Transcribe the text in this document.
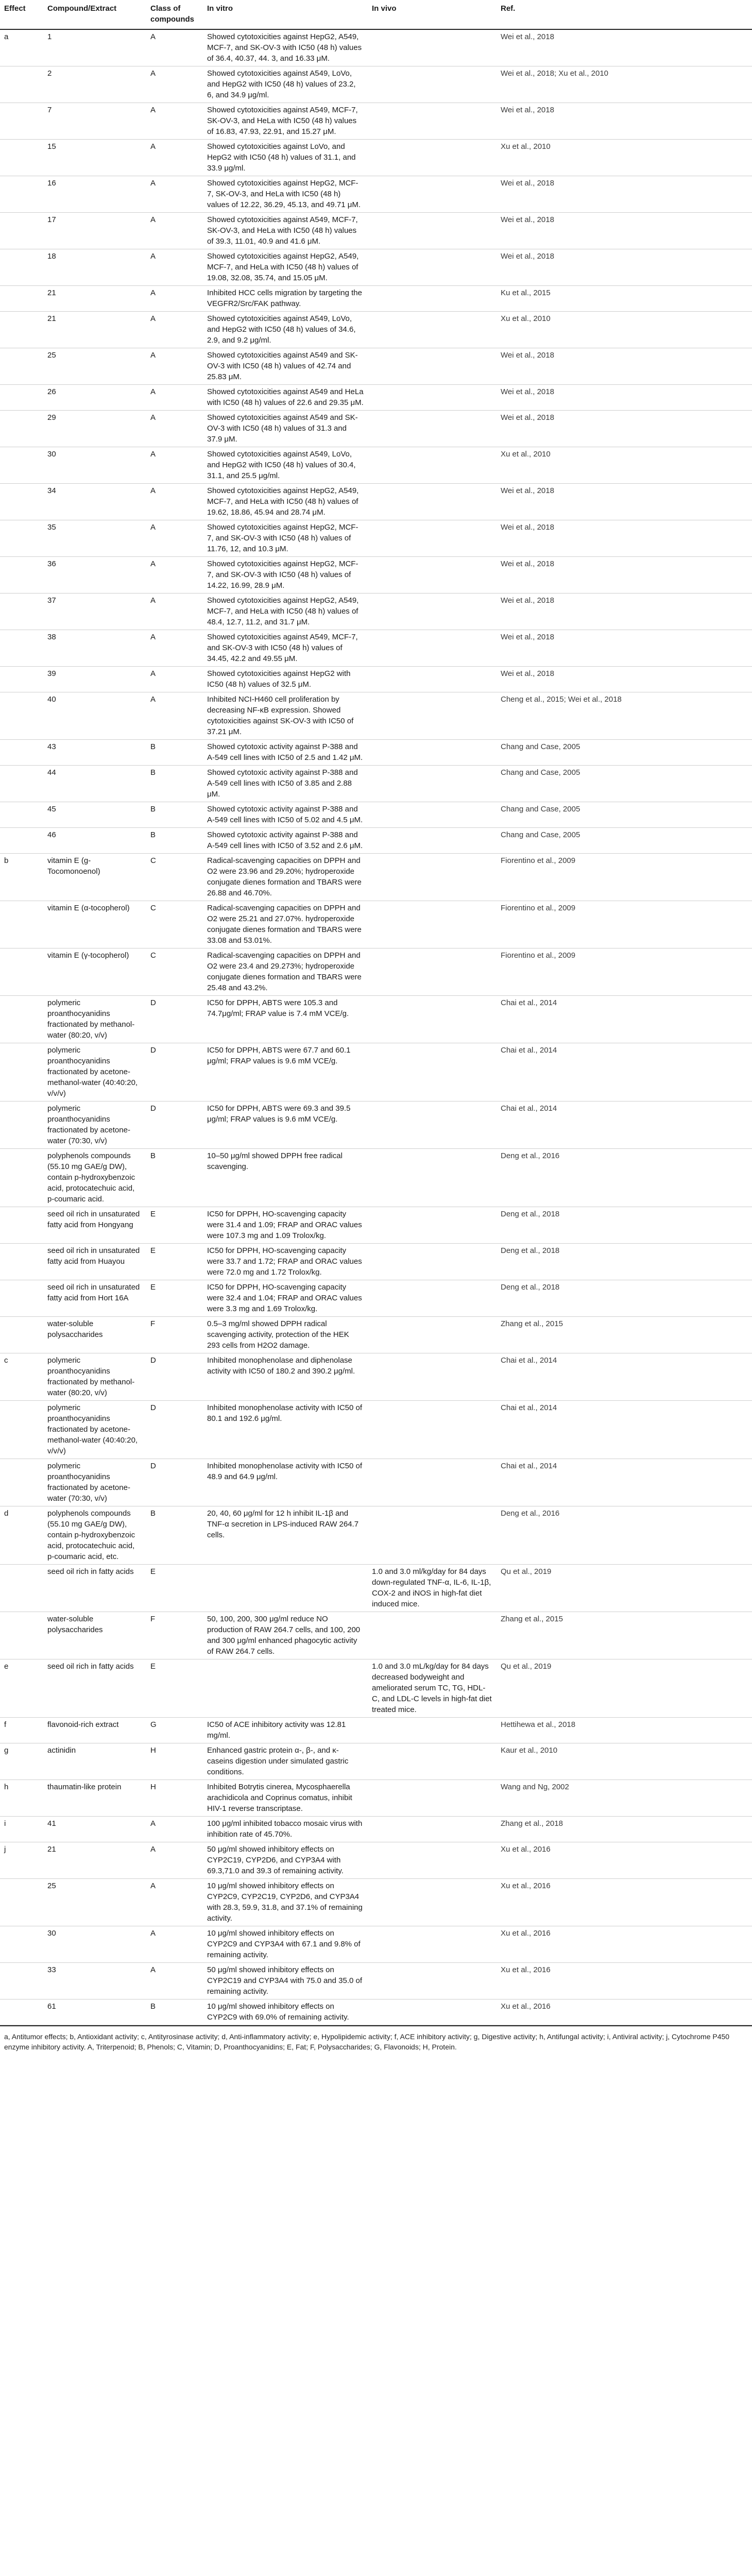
Effect	Compound/Extract	Class of compounds	In vitro	In vivo	Ref.
a	1	A	Showed cytotoxicities against HepG2, A549, MCF-7, and SK-OV-3 with IC50 (48 h) values of 36.4, 40.37, 44. 3, and 16.33 μM.		Wei et al., 2018
	2	A	Showed cytotoxicities against A549, LoVo, and HepG2 with IC50 (48 h) values of 23.2, 6, and 34.9 μg/ml.		Wei et al., 2018; Xu et al., 2010
	7	A	Showed cytotoxicities against A549, MCF-7, SK-OV-3, and HeLa with IC50 (48 h) values of 16.83, 47.93, 22.91, and 15.27 μM.		Wei et al., 2018
	15	A	Showed cytotoxicities against LoVo, and HepG2 with IC50 (48 h) values of 31.1, and 33.9 μg/ml.		Xu et al., 2010
	16	A	Showed cytotoxicities against HepG2, MCF-7, SK-OV-3, and HeLa with IC50 (48 h) values of 12.22, 36.29, 45.13, and 49.71 μM.		Wei et al., 2018
	17	A	Showed cytotoxicities against A549, MCF-7, SK-OV-3, and HeLa with IC50 (48 h) values of 39.3, 11.01, 40.9 and 41.6 μM.		Wei et al., 2018
	18	A	Showed cytotoxicities against HepG2, A549, MCF-7, and HeLa with IC50 (48 h) values of 19.08, 32.08, 35.74, and 15.05 μM.		Wei et al., 2018
	21	A	Inhibited HCC cells migration by targeting the VEGFR2/Src/FAK pathway.		Ku et al., 2015
	21	A	Showed cytotoxicities against A549, LoVo, and HepG2 with IC50 (48 h) values of 34.6, 2.9, and 9.2 μg/ml.		Xu et al., 2010
	25	A	Showed cytotoxicities against A549 and SK-OV-3 with IC50 (48 h) values of 42.74 and 25.83 μM.		Wei et al., 2018
	26	A	Showed cytotoxicities against A549 and HeLa with IC50 (48 h) values of 22.6 and 29.35 μM.		Wei et al., 2018
	29	A	Showed cytotoxicities against A549 and SK-OV-3 with IC50 (48 h) values of 31.3 and 37.9 μM.		Wei et al., 2018
	30	A	Showed cytotoxicities against A549, LoVo, and HepG2 with IC50 (48 h) values of 30.4, 31.1, and 25.5 μg/ml.		Xu et al., 2010
	34	A	Showed cytotoxicities against HepG2, A549, MCF-7, and HeLa with IC50 (48 h) values of 19.62, 18.86, 45.94 and 28.74 μM.		Wei et al., 2018
	35	A	Showed cytotoxicities against HepG2, MCF-7, and SK-OV-3 with IC50 (48 h) values of 11.76, 12, and 10.3 μM.		Wei et al., 2018
	36	A	Showed cytotoxicities against HepG2, MCF-7, and SK-OV-3 with IC50 (48 h) values of 14.22, 16.99, 28.9 μM.		Wei et al., 2018
	37	A	Showed cytotoxicities against HepG2, A549, MCF-7, and HeLa with IC50 (48 h) values of 48.4, 12.7, 11.2, and 31.7 μM.		Wei et al., 2018
	38	A	Showed cytotoxicities against A549, MCF-7, and SK-OV-3 with IC50 (48 h) values of 34.45, 42.2 and 49.55 μM.		Wei et al., 2018
	39	A	Showed cytotoxicities against HepG2 with IC50 (48 h) values of 32.5 μM.		Wei et al., 2018
	40	A	Inhibited NCI-H460 cell proliferation by decreasing NF-κB expression. Showed cytotoxicities against SK-OV-3 with IC50 of 37.21 μM.		Cheng et al., 2015; Wei et al., 2018
	43	B	Showed cytotoxic activity against P-388 and A-549 cell lines with IC50 of 2.5 and 1.42 μM.		Chang and Case, 2005
	44	B	Showed cytotoxic activity against P-388 and A-549 cell lines with IC50 of 3.85 and 2.88 μM.		Chang and Case, 2005
	45	B	Showed cytotoxic activity against P-388 and A-549 cell lines with IC50 of 5.02 and 4.5 μM.		Chang and Case, 2005
	46	B	Showed cytotoxic activity against P-388 and A-549 cell lines with IC50 of 3.52 and 2.6 μM.		Chang and Case, 2005
b	vitamin E (g-Tocomonoenol)	C	Radical-scavenging capacities on DPPH and O2 were 23.96 and 29.20%; hydroperoxide conjugate dienes formation and TBARS were 26.88 and 46.70%.		Fiorentino et al., 2009
	vitamin E (α-tocopherol)	C	Radical-scavenging capacities on DPPH and O2 were 25.21 and 27.07%. hydroperoxide conjugate dienes formation and TBARS were 33.08 and 53.01%.		Fiorentino et al., 2009
	vitamin E (γ-tocopherol)	C	Radical-scavenging capacities on DPPH and O2 were 23.4 and 29.273%; hydroperoxide conjugate dienes formation and TBARS were 25.48 and 43.2%.		Fiorentino et al., 2009
	polymeric proanthocyanidins fractionated by methanol- water (80:20, v/v)	D	IC50 for DPPH, ABTS were 105.3 and 74.7μg/ml; FRAP value is 7.4 mM VCE/g.		Chai et al., 2014
	polymeric proanthocyanidins fractionated by acetone-methanol-water (40:40:20, v/v/v)	D	IC50 for DPPH, ABTS were 67.7 and 60.1 μg/ml; FRAP values is 9.6 mM VCE/g.		Chai et al., 2014
	polymeric proanthocyanidins fractionated by acetone-water (70:30, v/v)	D	IC50 for DPPH, ABTS were 69.3 and 39.5 μg/ml; FRAP values is 9.6 mM VCE/g.		Chai et al., 2014
	polyphenols compounds (55.10 mg GAE/g DW), contain p-hydroxybenzoic acid, protocatechuic acid, p-coumaric acid.	B	10–50 μg/ml showed DPPH free radical scavenging.		Deng et al., 2016
	seed oil rich in unsaturated fatty acid from Hongyang	E	IC50 for DPPH, HO-scavenging capacity were 31.4 and 1.09; FRAP and ORAC values were 107.3 mg and 1.09 Trolox/kg.		Deng et al., 2018
	seed oil rich in unsaturated fatty acid from Huayou	E	IC50 for DPPH, HO-scavenging capacity were 33.7 and 1.72; FRAP and ORAC values were 72.0 mg and 1.72 Trolox/kg.		Deng et al., 2018
	seed oil rich in unsaturated fatty acid from Hort 16A	E	IC50 for DPPH, HO-scavenging capacity were 32.4 and 1.04; FRAP and ORAC values were 3.3 mg and 1.69 Trolox/kg.		Deng et al., 2018
	water-soluble polysaccharides	F	0.5–3 mg/ml showed DPPH radical scavenging activity, protection of the HEK 293 cells from H2O2 damage.		Zhang et al., 2015
c	polymeric proanthocyanidins fractionated by methanol- water (80:20, v/v)	D	Inhibited monophenolase and diphenolase activity with IC50 of 180.2 and 390.2 μg/ml.		Chai et al., 2014
	polymeric proanthocyanidins fractionated by acetone-methanol-water (40:40:20, v/v/v)	D	Inhibited monophenolase activity with IC50 of 80.1 and 192.6 μg/ml.		Chai et al., 2014
	polymeric proanthocyanidins fractionated by acetone-water (70:30, v/v)	D	Inhibited monophenolase activity with IC50 of 48.9 and 64.9 μg/ml.		Chai et al., 2014
d	polyphenols compounds (55.10 mg GAE/g DW), contain p-hydroxybenzoic acid, protocatechuic acid, p-coumaric acid, etc.	B	20, 40, 60 μg/ml for 12 h inhibit IL-1β and TNF-α secretion in LPS-induced RAW 264.7 cells.		Deng et al., 2016
	seed oil rich in fatty acids	E		1.0 and 3.0 ml/kg/day for 84 days down-regulated TNF-α, IL-6, IL-1β, COX-2 and iNOS in high-fat diet induced mice.	Qu et al., 2019
	water-soluble polysaccharides	F	50, 100, 200, 300 μg/ml reduce NO production of RAW 264.7 cells, and 100, 200 and 300 μg/ml enhanced phagocytic activity of RAW 264.7 cells.		Zhang et al., 2015
e	seed oil rich in fatty acids	E		1.0 and 3.0 mL/kg/day for 84 days decreased bodyweight and ameliorated serum TC, TG, HDL-C, and LDL-C levels in high-fat diet treated mice.	Qu et al., 2019
f	flavonoid-rich extract	G	IC50 of ACE inhibitory activity was 12.81 mg/ml.		Hettihewa et al., 2018
g	actinidin	H	Enhanced gastric protein α-, β-, and κ-caseins digestion under simulated gastric conditions.		Kaur et al., 2010
h	thaumatin-like protein	H	Inhibited Botrytis cinerea, Mycosphaerella arachidicola and Coprinus comatus, inhibit HIV-1 reverse transcriptase.		Wang and Ng, 2002
i	41	A	100 μg/ml inhibited tobacco mosaic virus with inhibition rate of 45.70%.		Zhang et al., 2018
j	21	A	50 μg/ml showed inhibitory effects on CYP2C19, CYP2D6, and CYP3A4 with 69.3,71.0 and 39.3 of remaining activity.		Xu et al., 2016
	25	A	10 μg/ml showed inhibitory effects on CYP2C9, CYP2C19, CYP2D6, and CYP3A4 with 28.3, 59.9, 31.8, and 37.1% of remaining activity.		Xu et al., 2016
	30	A	10 μg/ml showed inhibitory effects on CYP2C9 and CYP3A4 with 67.1 and 9.8% of remaining activity.		Xu et al., 2016
	33	A	50 μg/ml showed inhibitory effects on CYP2C19 and CYP3A4 with 75.0 and 35.0 of remaining activity.		Xu et al., 2016
	61	B	10 μg/ml showed inhibitory effects on CYP2C9 with 69.0% of remaining activity.		Xu et al., 2016
a, Antitumor effects; b, Antioxidant activity; c, Antityrosinase activity; d, Anti-inflammatory activity; e, Hypolipidemic activity; f, ACE inhibitory activity; g, Digestive activity; h, Antifungal activity; i, Antiviral activity; j, Cytochrome P450 enzyme inhibitory activity. A, Triterpenoid; B, Phenols; C, Vitamin; D, Proanthocyanidins; E, Fat; F, Polysaccharides; G, Flavonoids; H, Protein.
